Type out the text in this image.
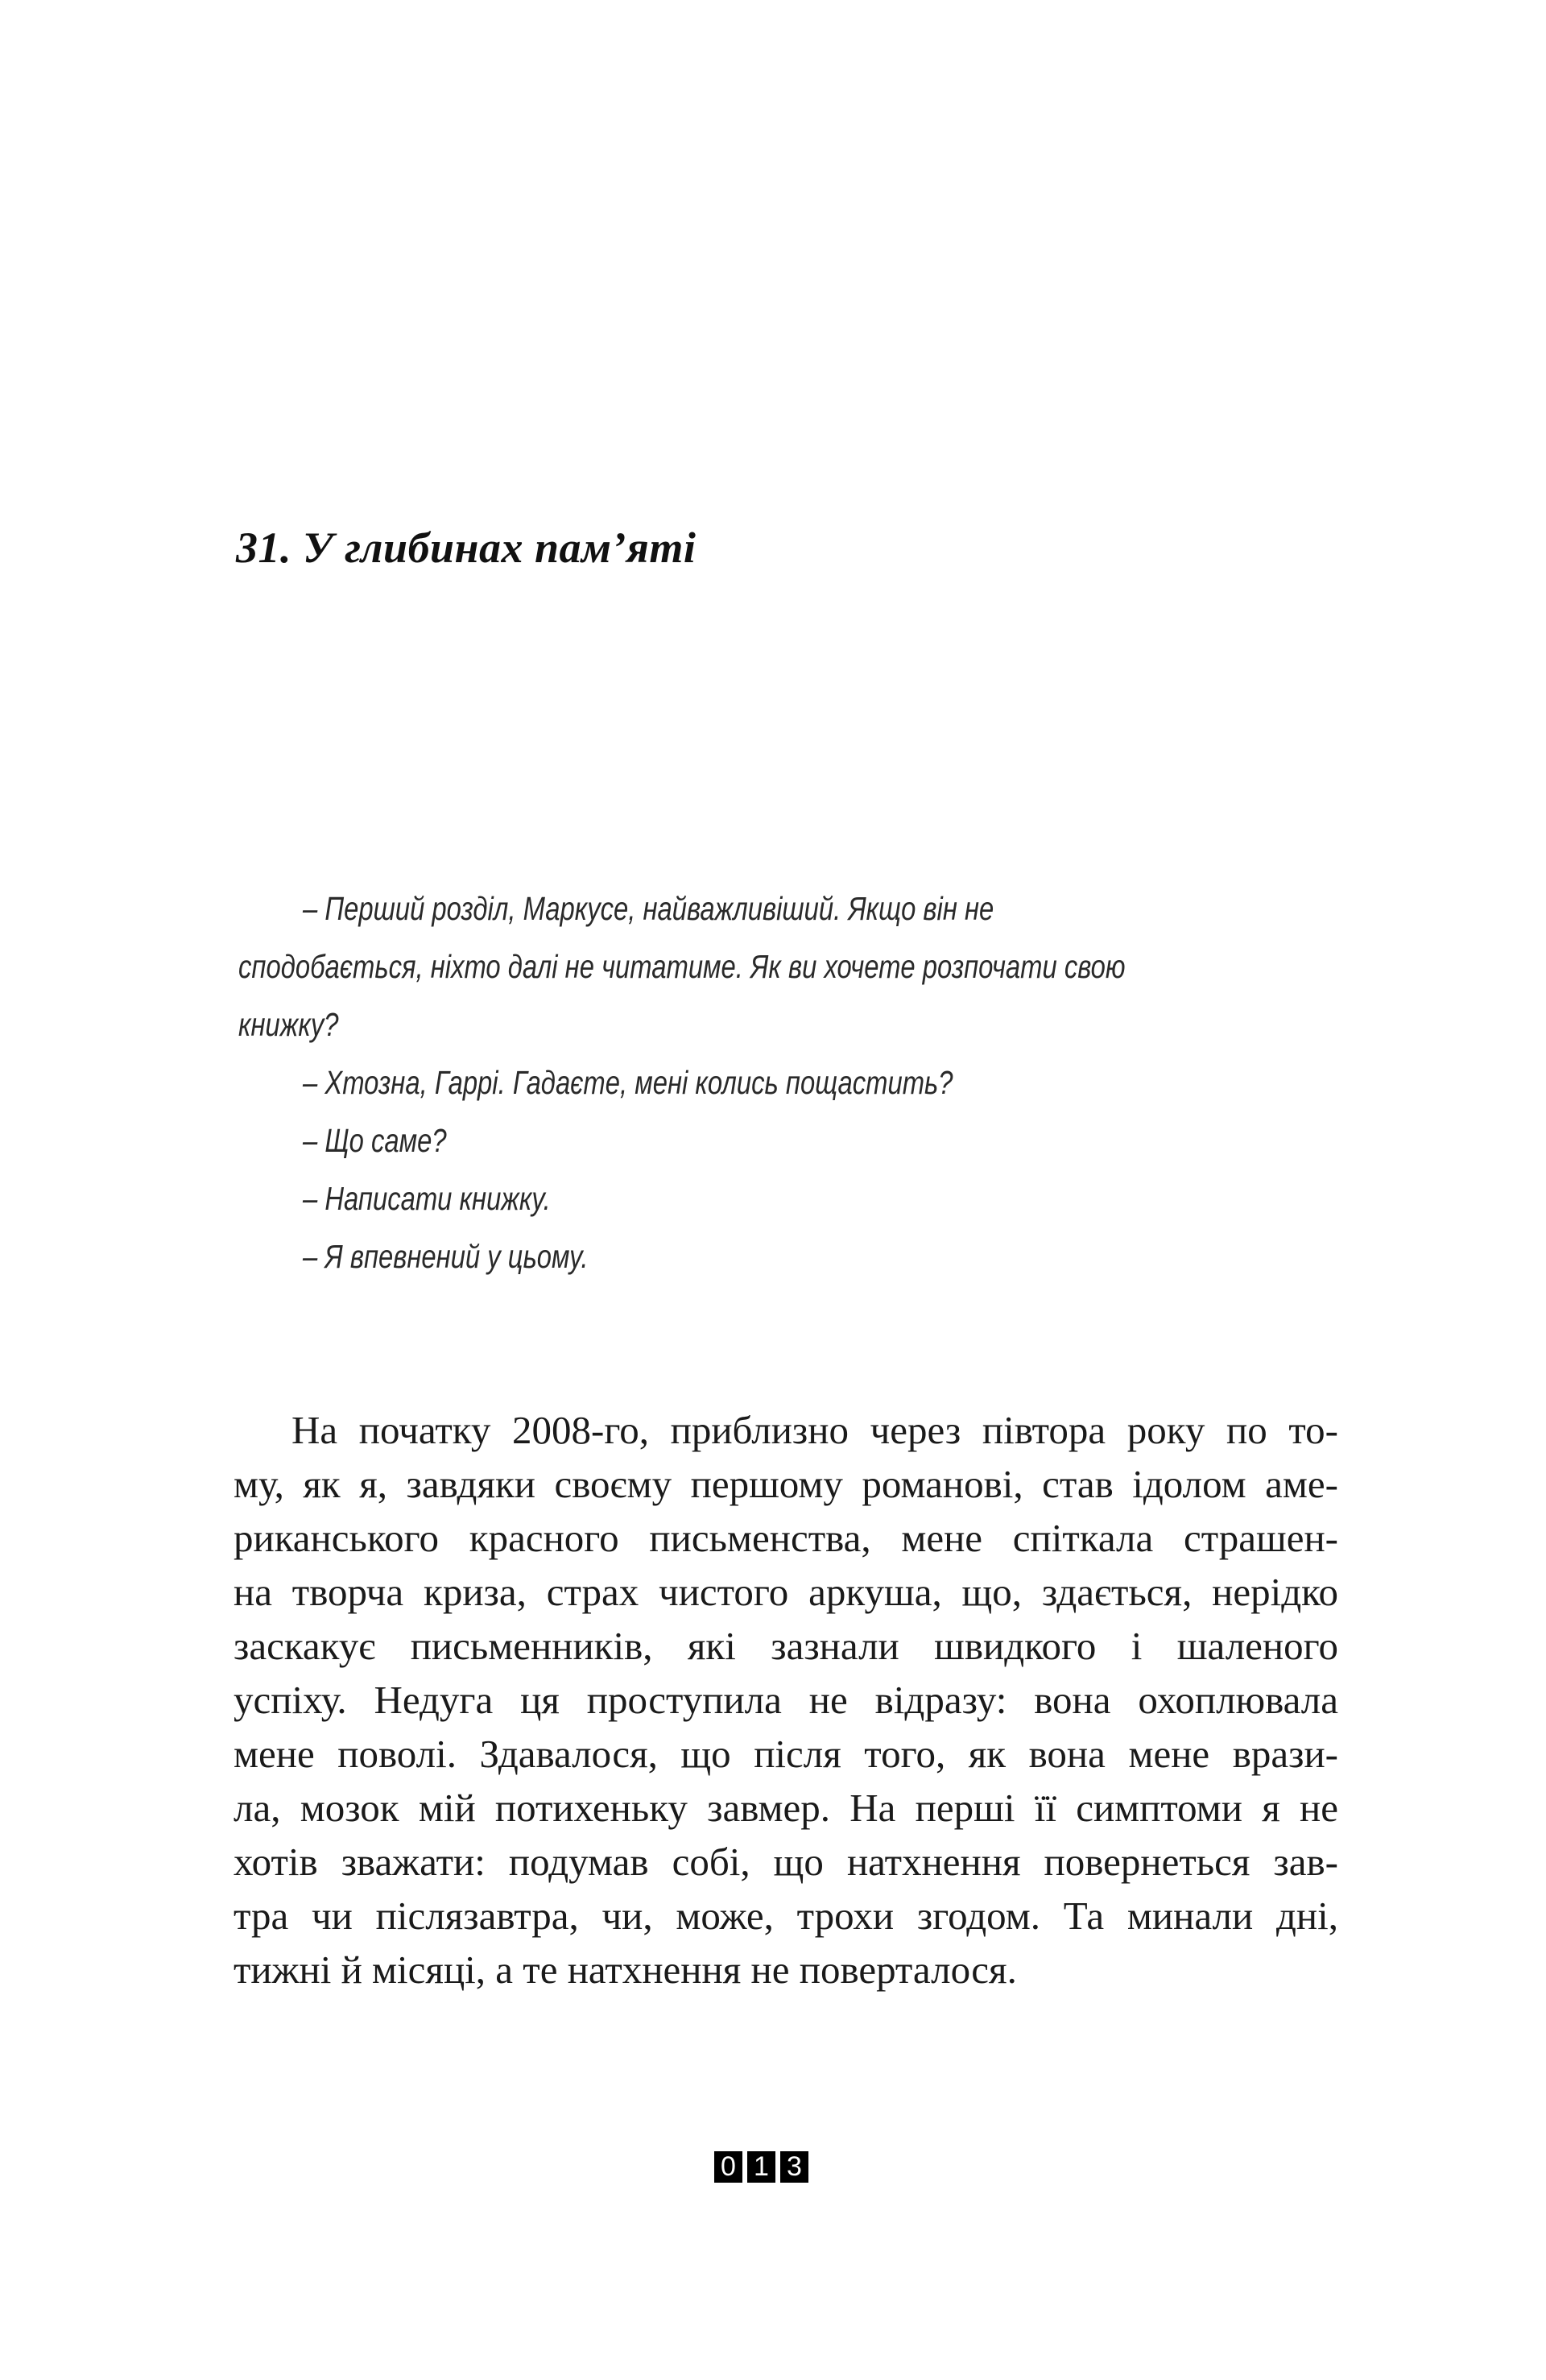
31. У глибинах пам’яті
– Перший розділ, Маркусе, найважливіший. Якщо він не
сподобається, ніхто далі не читатиме. Як ви хочете розпочати свою
книжку?
– Хтозна, Гаррі. Гадаєте, мені колись пощастить?
– Що саме?
– Написати книжку.
– Я впевнений у цьому.
На початку 2008-го, приблизно через півтора року по то-
му, як я, завдяки своєму першому романові, став ідолом аме-
риканського красного письменства, мене спіткала страшен-
на творча криза, страх чистого аркуша, що, здається, нерідко
заскакує письменників, які зазнали швидкого і шаленого
успіху. Недуга ця проступила не відразу: вона охоплювала
мене поволі. Здавалося, що після того, як вона мене врази-
ла, мозок мій потихеньку завмер. На перші її симптоми я не
хотів зважати: подумав собі, що натхнення повернеться зав-
тра чи післязавтра, чи, може, трохи згодом. Та минали дні,
тижні й місяці, а те натхнення не поверталося.
0 1 3
